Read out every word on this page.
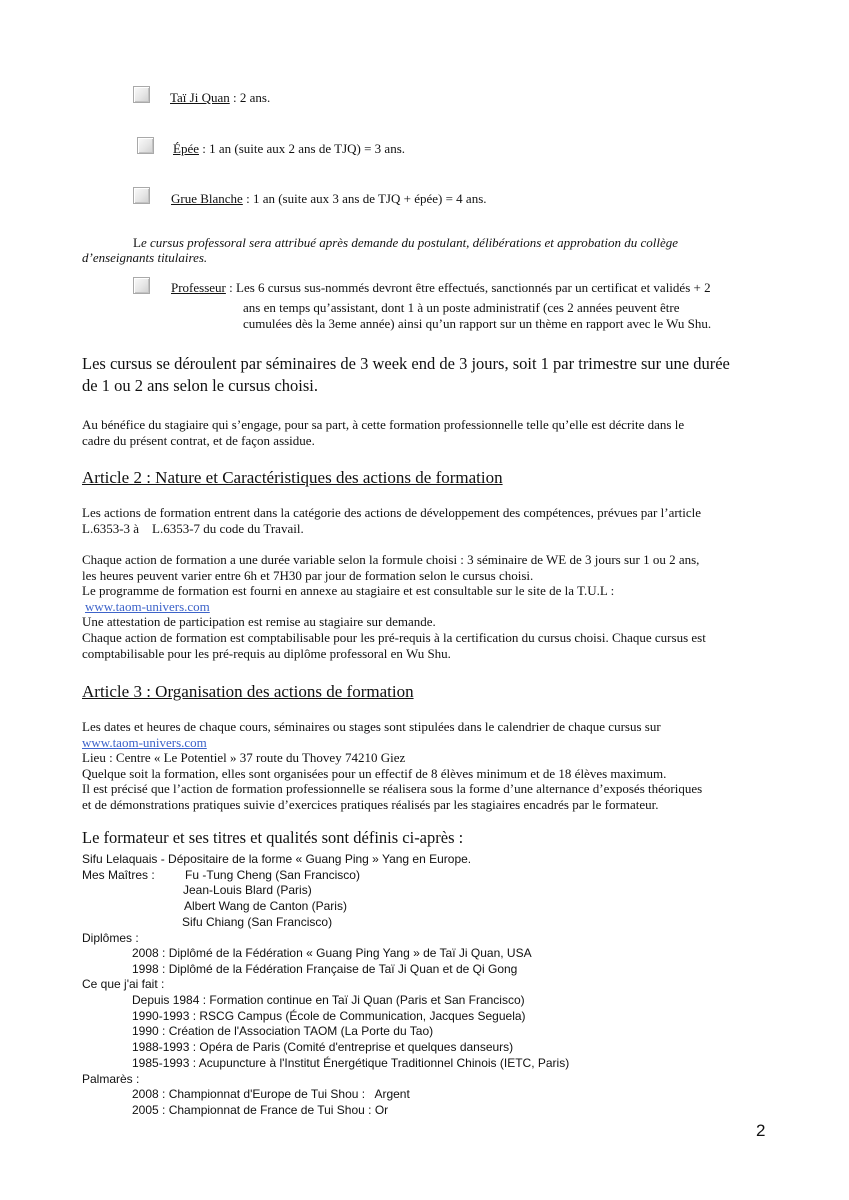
Taï Ji Quan : 2 ans.
Épée : 1 an (suite aux 2 ans de TJQ) = 3 ans.
Grue Blanche : 1 an (suite aux 3 ans de TJQ + épée) = 4 ans.
Le cursus professoral sera attribué après demande du postulant, délibérations et approbation du collège
d’enseignants titulaires.
Professeur : Les 6 cursus sus-nommés devront être effectués, sanctionnés par un certificat et validés + 2
ans en temps qu’assistant, dont 1 à un poste administratif (ces 2 années peuvent être
cumulées dès la 3eme année) ainsi qu’un rapport sur un thème en rapport avec le Wu Shu.
Les cursus se déroulent par séminaires de 3 week end de 3 jours, soit 1 par trimestre sur une durée
de 1 ou 2 ans selon le cursus choisi.
Au bénéfice du stagiaire qui s’engage, pour sa part, à cette formation professionnelle telle qu’elle est décrite dans le
cadre du présent contrat, et de façon assidue.
Article 2 : Nature et Caractéristiques des actions de formation
Les actions de formation entrent dans la catégorie des actions de développement des compétences, prévues par l’article
L.6353-3 à    L.6353-7 du code du Travail.
Chaque action de formation a une durée variable selon la formule choisi : 3 séminaire de WE de 3 jours sur 1 ou 2 ans,
les heures peuvent varier entre 6h et 7H30 par jour de formation selon le cursus choisi.
Le programme de formation est fourni en annexe au stagiaire et est consultable sur le site de la T.U.L :
www.taom-univers.com
Une attestation de participation est remise au stagiaire sur demande.
Chaque action de formation est comptabilisable pour les pré-requis à la certification du cursus choisi. Chaque cursus est
comptabilisable pour les pré-requis au diplôme professoral en Wu Shu.
Article 3 : Organisation des actions de formation
Les dates et heures de chaque cours, séminaires ou stages sont stipulées dans le calendrier de chaque cursus sur
www.taom-univers.com
Lieu : Centre « Le Potentiel » 37 route du Thovey 74210 Giez
Quelque soit la formation, elles sont organisées pour un effectif de 8 élèves minimum et de 18 élèves maximum.
Il est précisé que l’action de formation professionnelle se réalisera sous la forme d’une alternance d’exposés théoriques
et de démonstrations pratiques suivie d’exercices pratiques réalisés par les stagiaires encadrés par le formateur.
Le formateur et ses titres et qualités sont définis ci-après :
Sifu Lelaquais - Dépositaire de la forme « Guang Ping » Yang en Europe.
Mes Maîtres :	Fu -Tung Cheng (San Francisco)
Jean-Louis Blard (Paris)
Albert Wang de Canton (Paris)
Sifu Chiang (San Francisco)
Diplômes :
2008 : Diplômé de la Fédération « Guang Ping Yang » de Taï Ji Quan, USA
1998 : Diplômé de la Fédération Française de Taï Ji Quan et de Qi Gong
Ce que j'ai fait :
Depuis 1984 : Formation continue en Taï Ji Quan (Paris et San Francisco)
1990-1993 : RSCG Campus (École de Communication, Jacques Seguela)
1990 : Création de l'Association TAOM (La Porte du Tao)
1988-1993 : Opéra de Paris (Comité d'entreprise et quelques danseurs)
1985-1993 : Acupuncture à l'Institut Énergétique Traditionnel Chinois (IETC, Paris)
Palmarès :
2008 : Championnat d'Europe de Tui Shou :   Argent
2005 : Championnat de France de Tui Shou : Or
2
